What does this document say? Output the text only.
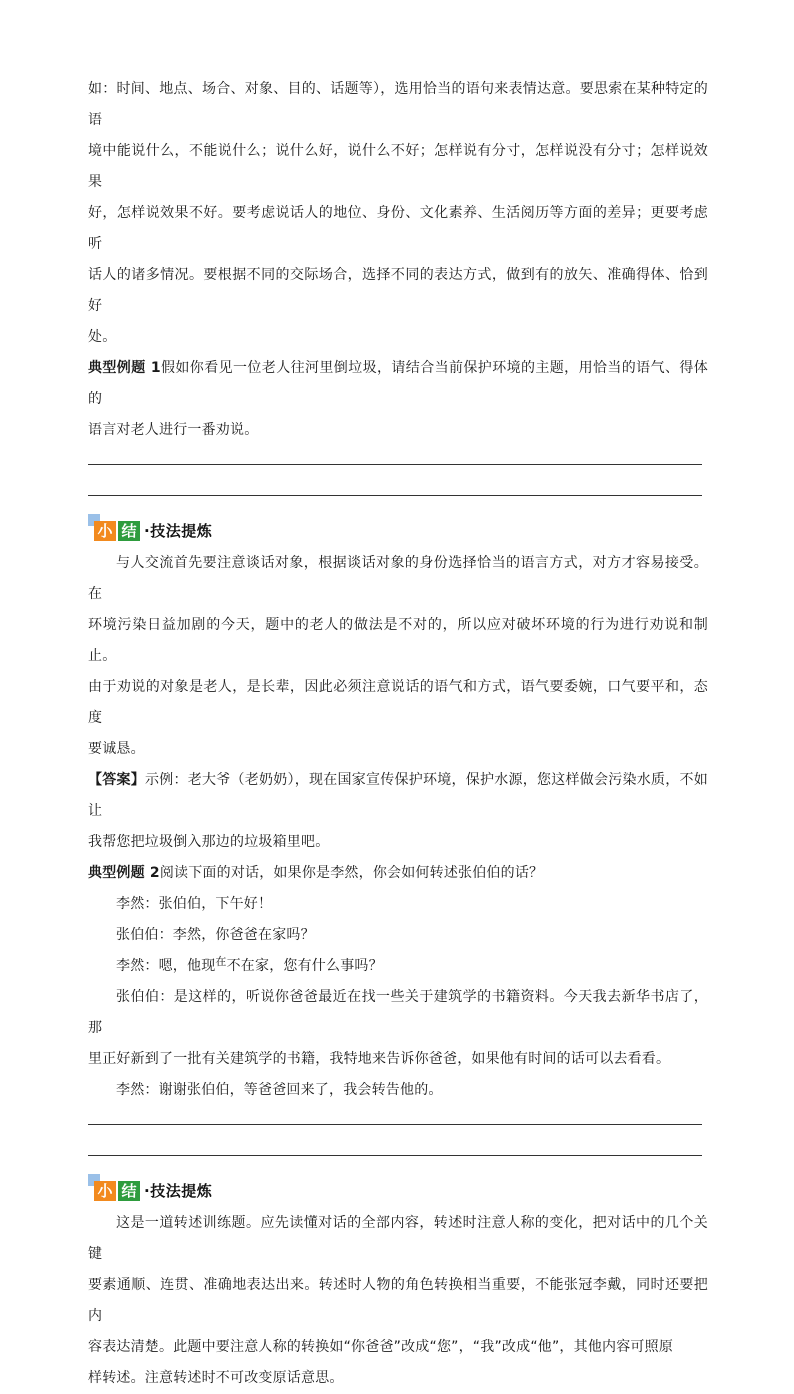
如：时间、地点、场合、对象、目的、话题等），选用恰当的语句来表情达意。要思索在某种特定的语

境中能说什么，不能说什么；说什么好，说什么不好；怎样说有分寸，怎样说没有分寸；怎样说效果

好，怎样说效果不好。要考虑说话人的地位、身份、文化素养、生活阅历等方面的差异；更要考虑听

话人的诸多情况。要根据不同的交际场合，选择不同的表达方式，做到有的放矢、准确得体、恰到好

处。

典型例题 1假如你看见一位老人往河里倒垃圾，请结合当前保护环境的主题，用恰当的语气、得体的

语言对老人进行一番劝说。

小 结 ·技法提炼

与人交流首先要注意谈话对象，根据谈话对象的身份选择恰当的语言方式，对方才容易接受。在

环境污染日益加剧的今天，题中的老人的做法是不对的，所以应对破坏环境的行为进行劝说和制止。

由于劝说的对象是老人，是长辈，因此必须注意说话的语气和方式，语气要委婉，口气要平和，态度

要诚恳。

【答案】示例：老大爷（老奶奶），现在国家宣传保护环境，保护水源，您这样做会污染水质，不如让

我帮您把垃圾倒入那边的垃圾箱里吧。

典型例题 2阅读下面的对话，如果你是李然，你会如何转述张伯伯的话？

李然：张伯伯，下午好！

张伯伯：李然，你爸爸在家吗？

李然：嗯，他现$^在$不在家，您有什么事吗？

张伯伯：是这样的，听说你爸爸最近在找一些关于建筑学的书籍资料。今天我去新华书店了，那

里正好新到了一批有关建筑学的书籍，我特地来告诉你爸爸，如果他有时间的话可以去看看。

李然：谢谢张伯伯，等爸爸回来了，我会转告他的。

小 结 ·技法提炼

这是一道转述训练题。应先读懂对话的全部内容，转述时注意人称的变化，把对话中的几个关键

要素通顺、连贯、准确地表达出来。转述时人物的角色转换相当重要，不能张冠李戴，同时还要把内

容表达清楚。此题中要注意人称的转换如“你爸爸”改成“您”，“我”改成“他”，其他内容可照原

样转述。注意转述时不可改变原话意思。
